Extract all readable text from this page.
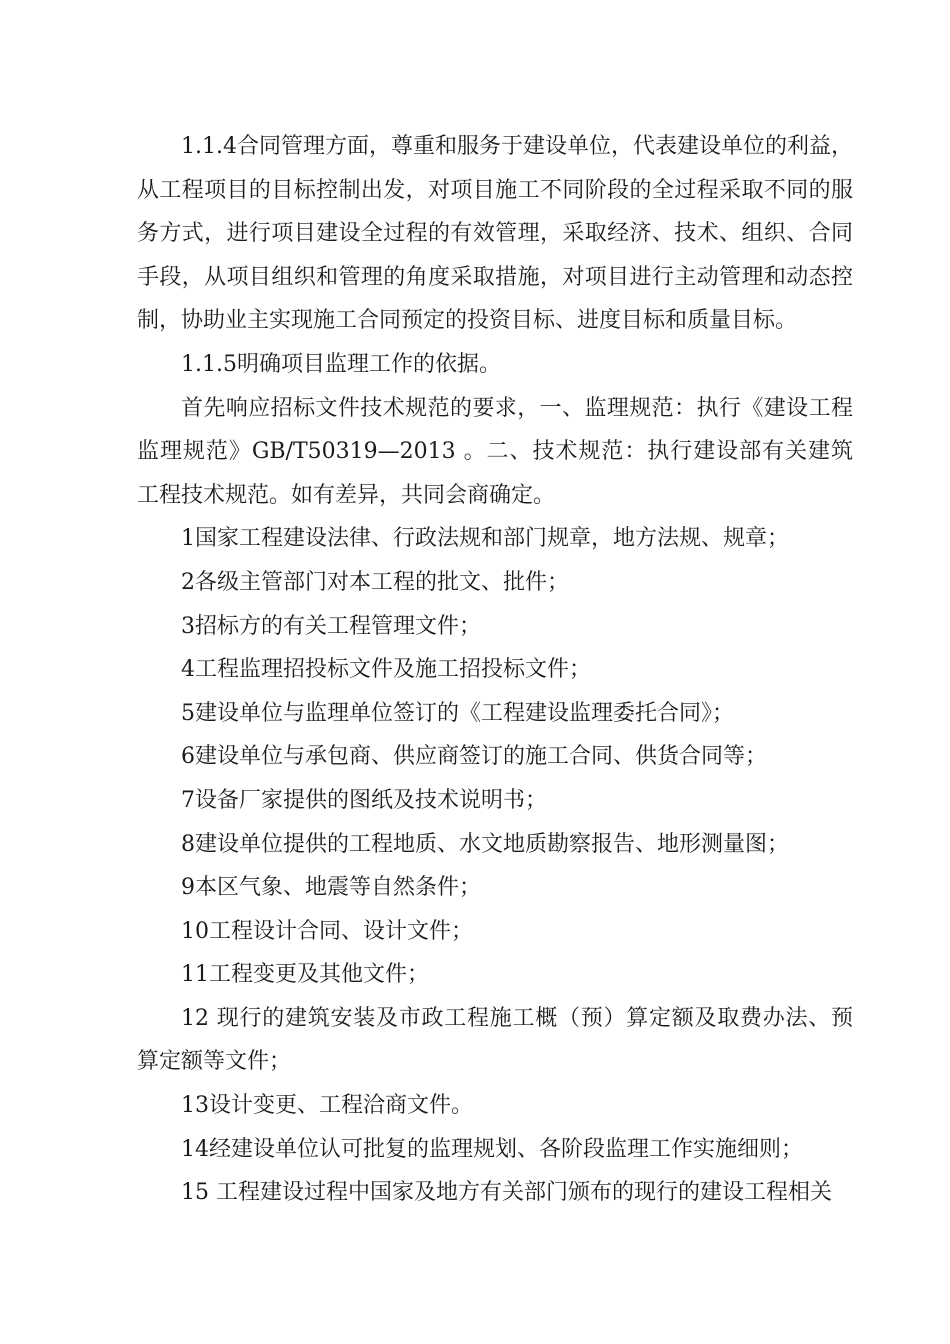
1.1.4合同管理方面，尊重和服务于建设单位，代表建设单位的利益，从工程项目的目标控制出发，对项目施工不同阶段的全过程采取不同的服务方式，进行项目建设全过程的有效管理，采取经济、技术、组织、合同手段，从项目组织和管理的角度采取措施，对项目进行主动管理和动态控制，协助业主实现施工合同预定的投资目标、进度目标和质量目标。

1.1.5明确项目监理工作的依据。

首先响应招标文件技术规范的要求，一、监理规范：执行《建设工程监理规范》GB/T50319—2013 。二、技术规范：执行建设部有关建筑工程技术规范。如有差异，共同会商确定。

1国家工程建设法律、行政法规和部门规章，地方法规、规章；

2各级主管部门对本工程的批文、批件；

3招标方的有关工程管理文件；

4工程监理招投标文件及施工招投标文件；

5建设单位与监理单位签订的《工程建设监理委托合同》；

6建设单位与承包商、供应商签订的施工合同、供货合同等；

7设备厂家提供的图纸及技术说明书；

8建设单位提供的工程地质、水文地质勘察报告、地形测量图；

9本区气象、地震等自然条件；

10工程设计合同、设计文件；

11工程变更及其他文件；

12 现行的建筑安装及市政工程施工概（预）算定额及取费办法、预算定额等文件；

13设计变更、工程洽商文件。

14经建设单位认可批复的监理规划、各阶段监理工作实施细则；

15 工程建设过程中国家及地方有关部门颁布的现行的建设工程相关
